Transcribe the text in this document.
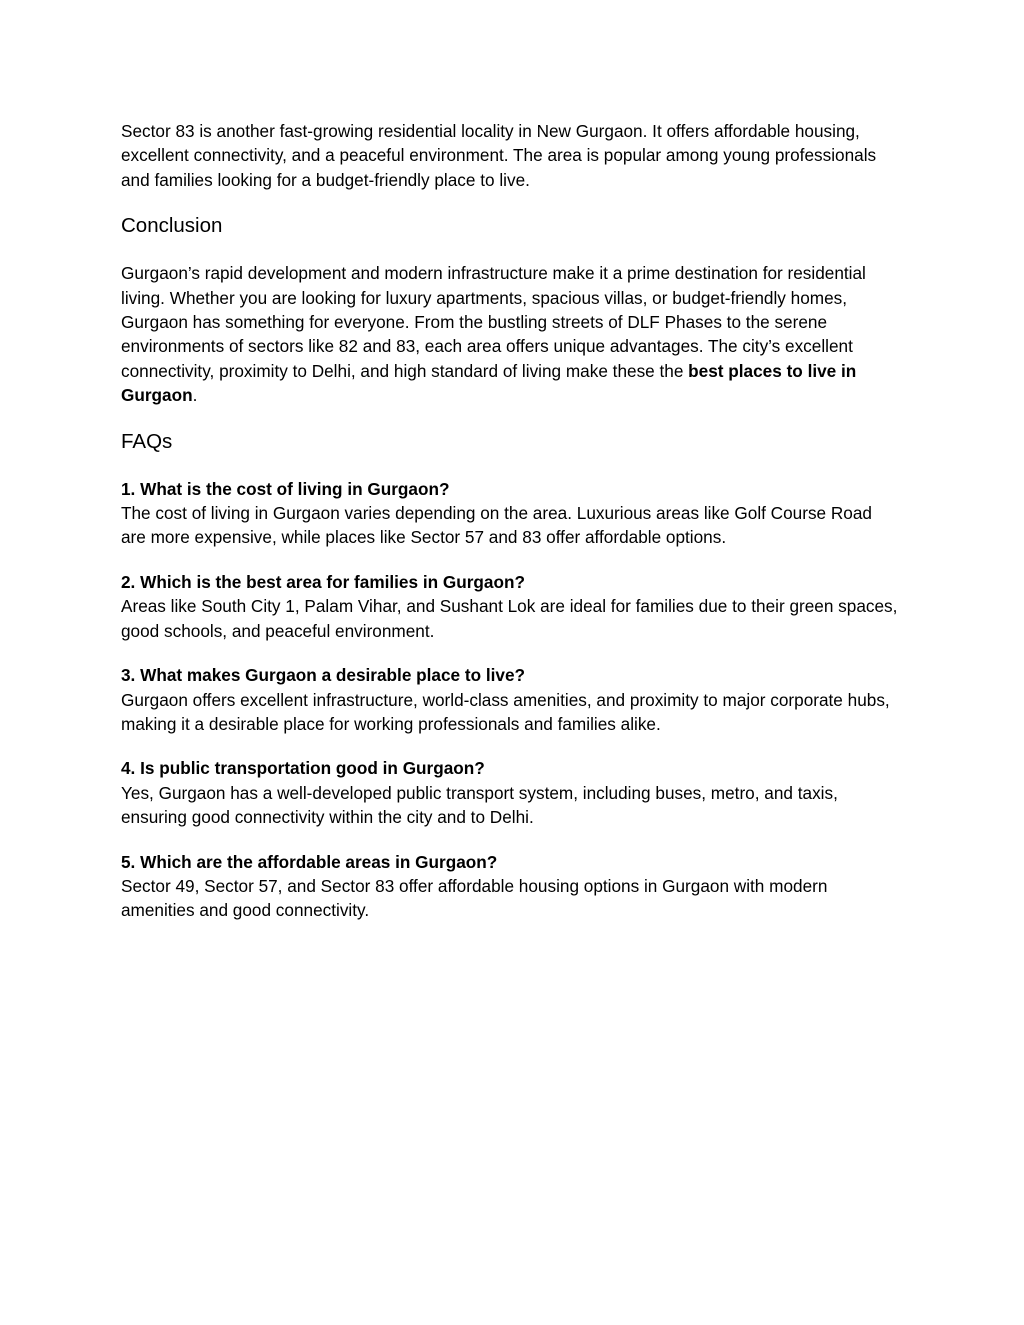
Sector 83 is another fast-growing residential locality in New Gurgaon. It offers affordable housing, excellent connectivity, and a peaceful environment. The area is popular among young professionals and families looking for a budget-friendly place to live.

Conclusion

Gurgaon’s rapid development and modern infrastructure make it a prime destination for residential living. Whether you are looking for luxury apartments, spacious villas, or budget-friendly homes, Gurgaon has something for everyone. From the bustling streets of DLF Phases to the serene environments of sectors like 82 and 83, each area offers unique advantages. The city’s excellent connectivity, proximity to Delhi, and high standard of living make these the best places to live in Gurgaon.

FAQs

1. What is the cost of living in Gurgaon?

The cost of living in Gurgaon varies depending on the area. Luxurious areas like Golf Course Road are more expensive, while places like Sector 57 and 83 offer affordable options.

2. Which is the best area for families in Gurgaon?

Areas like South City 1, Palam Vihar, and Sushant Lok are ideal for families due to their green spaces, good schools, and peaceful environment.

3. What makes Gurgaon a desirable place to live?

Gurgaon offers excellent infrastructure, world-class amenities, and proximity to major corporate hubs, making it a desirable place for working professionals and families alike.

4. Is public transportation good in Gurgaon?

Yes, Gurgaon has a well-developed public transport system, including buses, metro, and taxis, ensuring good connectivity within the city and to Delhi.

5. Which are the affordable areas in Gurgaon?

Sector 49, Sector 57, and Sector 83 offer affordable housing options in Gurgaon with modern amenities and good connectivity.
